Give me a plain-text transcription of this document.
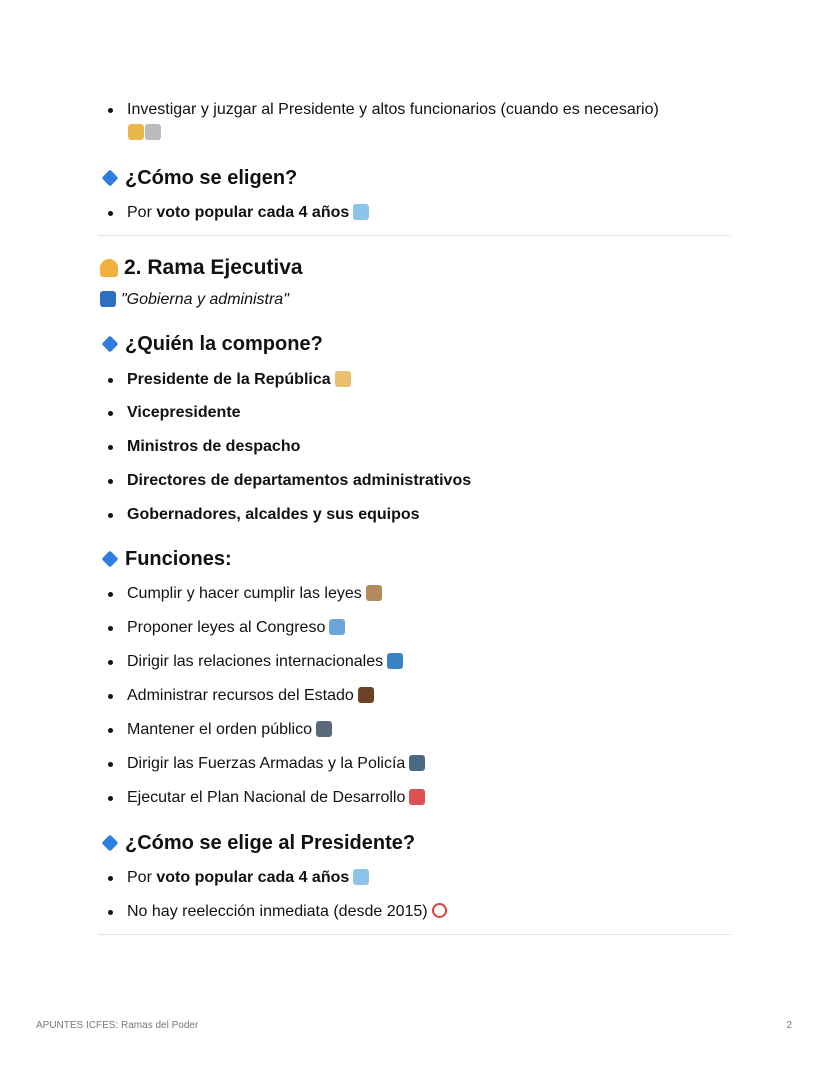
Investigar y juzgar al Presidente y altos funcionarios (cuando es necesario)
¿Cómo se eligen?
Por voto popular cada 4 años
2. Rama Ejecutiva
"Gobierna y administra"
¿Quién la compone?
Presidente de la República
Vicepresidente
Ministros de despacho
Directores de departamentos administrativos
Gobernadores, alcaldes y sus equipos
Funciones:
Cumplir y hacer cumplir las leyes
Proponer leyes al Congreso
Dirigir las relaciones internacionales
Administrar recursos del Estado
Mantener el orden público
Dirigir las Fuerzas Armadas y la Policía
Ejecutar el Plan Nacional de Desarrollo
¿Cómo se elige al Presidente?
Por voto popular cada 4 años
No hay reelección inmediata (desde 2015)
APUNTES ICFES: Ramas del Poder	2
